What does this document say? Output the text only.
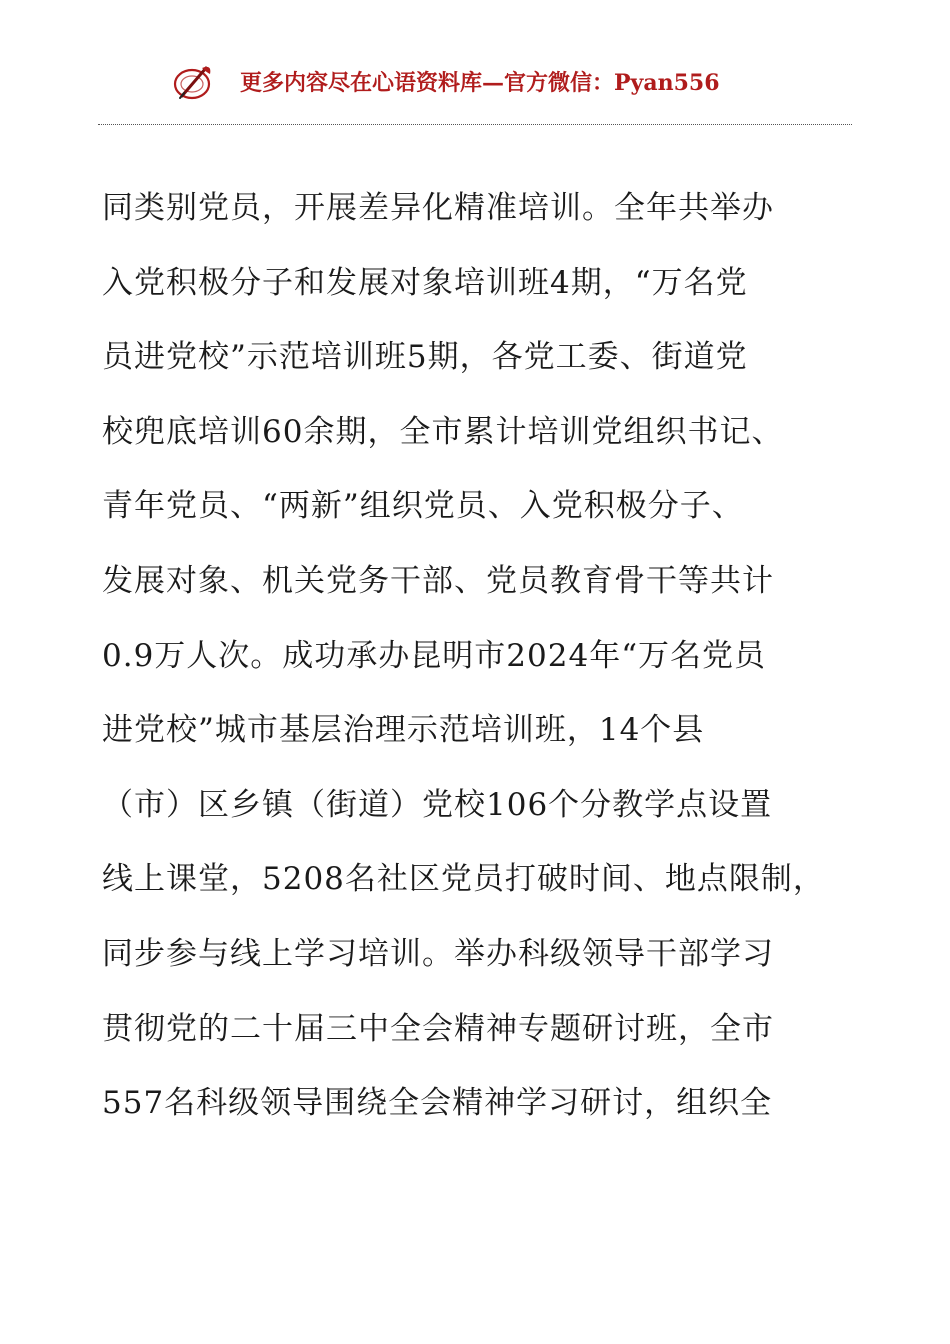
更多内容尽在心语资料库—官方微信：Pyan556
同类别党员，开展差异化精准培训。全年共举办
入党积极分子和发展对象培训班4期，“万名党
员进党校”示范培训班5期，各党工委、街道党
校兜底培训60余期，全市累计培训党组织书记、
青年党员、“两新”组织党员、入党积极分子、
发展对象、机关党务干部、党员教育骨干等共计
0.9万人次。成功承办昆明市2024年“万名党员
进党校”城市基层治理示范培训班，14个县
（市）区乡镇（街道）党校106个分教学点设置
线上课堂，5208名社区党员打破时间、地点限制，
同步参与线上学习培训。举办科级领导干部学习
贯彻党的二十届三中全会精神专题研讨班，全市
557名科级领导围绕全会精神学习研讨，组织全
